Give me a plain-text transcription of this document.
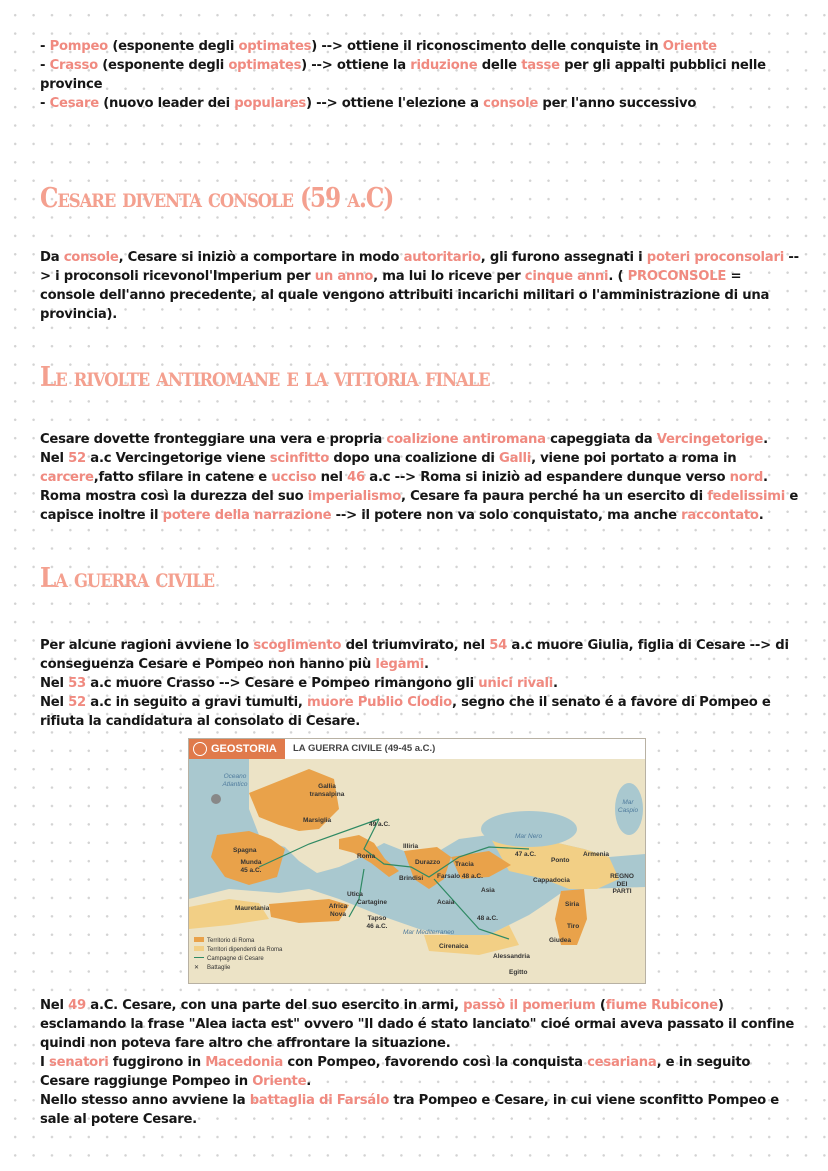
- Pompeo (esponente degli optimates) --> ottiene il riconoscimento delle conquiste in Oriente

- Crasso (esponente degli optimates) --> ottiene la riduzione delle tasse per gli appalti pubblici nelle province

- Cesare (nuovo leader dei populares) --> ottiene l'elezione a console per l'anno successivo

Cesare diventa console (59 a.C)

Da console, Cesare si iniziò a comportare in modo autoritario, gli furono assegnati i poteri proconsolari --> i proconsoli ricevonol'Imperium per un anno, ma lui lo riceve per cinque anni. ( PROCONSOLE = console dell'anno precedente, al quale vengono attribuiti incarichi militari o l'amministrazione di una provincia).

Le rivolte antiromane e la vittoria finale

Cesare dovette fronteggiare una vera e propria coalizione antiromana capeggiata da Vercingetorige.

Nel 52 a.c Vercingetorige viene scinfitto dopo una coalizione di Galli, viene poi portato a roma in carcere,fatto sfilare in catene e ucciso nel 46 a.c --> Roma si iniziò ad espandere dunque verso nord.

Roma mostra così la durezza del suo imperialismo, Cesare fa paura perché ha un esercito di fedelissimi e capisce inoltre il potere della narrazione --> il potere non va solo conquistato, ma anche raccontato.

La guerra civile

Per alcune ragioni avviene lo scoglimento del triumvirato, nel 54 a.c muore Giulia, figlia di Cesare --> di conseguenza Cesare e Pompeo non hanno più legami.

Nel 53 a.c muore Crasso --> Cesare e Pompeo rimangono gli unici rivali.

Nel 52 a.c in seguito a gravi tumulti, muore Publio Clodio, segno che il senato é a favore di Pompeo e rifiuta la candidatura al consolato di Cesare.

GEOSTORIA	LA GUERRA CIVILE (49-45 a.C.)
Oceano Atlantico	Gallia transalpina
Spagna
Munda 45 a.C.
Mauretania	Africa Nova
Utica
Cartagine
Tapso 46 a.C.
Marsiglia
Roma
Brindisi
Durazzo
Illiria
Tracia
Farsalo 48 a.C.
Asia
Acaia
Mar Nero
Ponto
Cappadocia
Armenia
REGNO DEI PARTI
Mar Caspio
Siria
Tiro
Giudea
Cirenaica
Alessandria
Egitto
Mar Mediterraneo
49 a.C.
47 a.C.
48 a.C.
Territorio di Roma
Territori dipendenti da Roma
Campagne di Cesare
✕ Battaglie

Nel 49 a.C. Cesare, con una parte del suo esercito in armi, passò il pomerium (fiume Rubicone) esclamando la frase "Alea iacta est" ovvero "Il dado é stato lanciato" cioé ormai aveva passato il confine quindi non poteva fare altro che affrontare la situazione.

I senatori fuggirono in Macedonia con Pompeo, favorendo così la conquista cesariana, e in seguito Cesare raggiunge Pompeo in Oriente.

Nello stesso anno avviene la battaglia di Farsálo tra Pompeo e Cesare, in cui viene sconfitto Pompeo e sale al potere Cesare.
